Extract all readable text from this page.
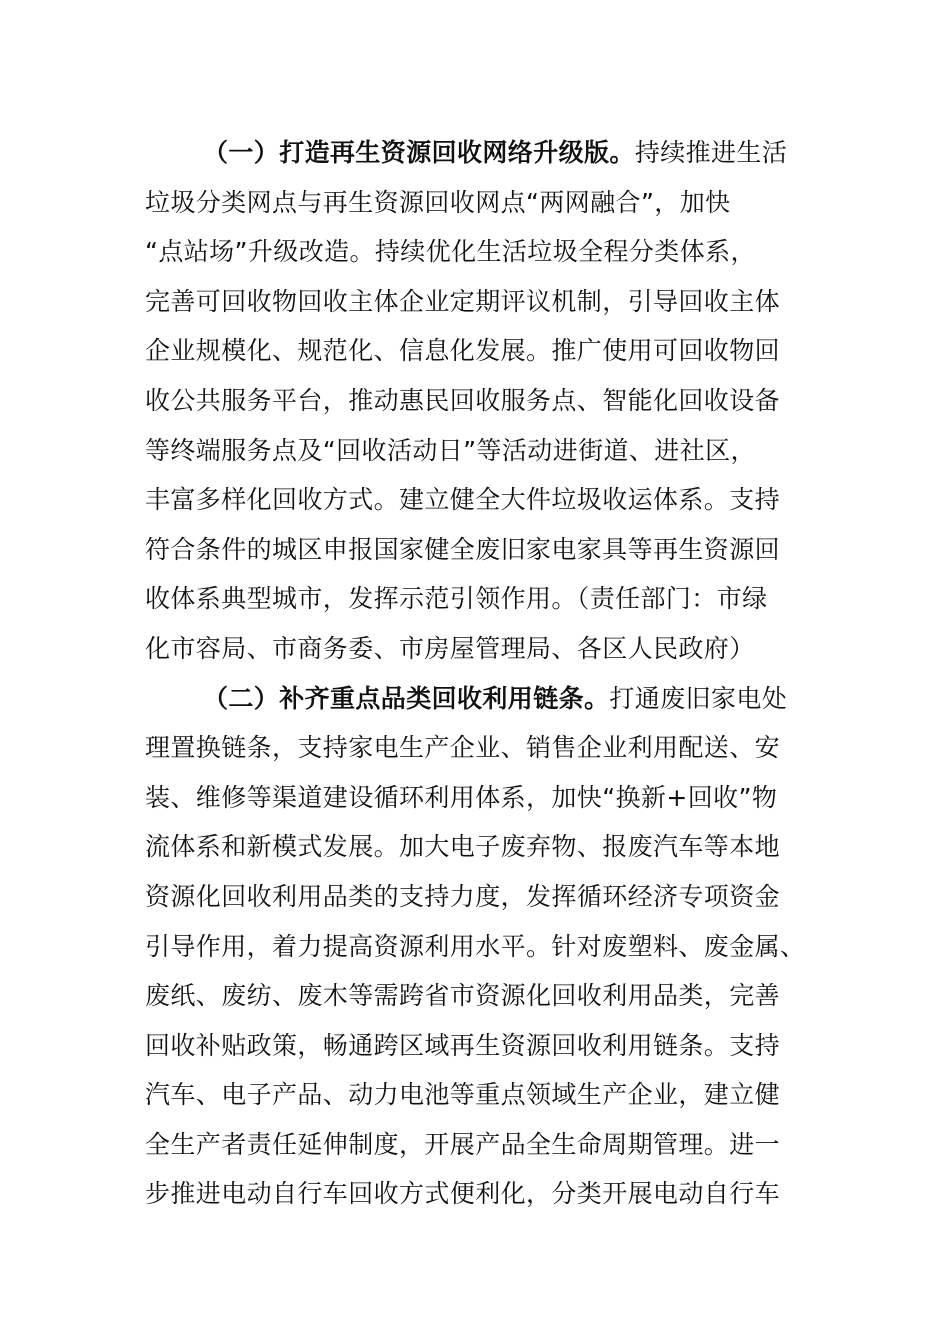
（一）打造再生资源回收网络升级版。持续推进生活
垃圾分类网点与再生资源回收网点“两网融合”，加快
“点站场”升级改造。持续优化生活垃圾全程分类体系，
完善可回收物回收主体企业定期评议机制，引导回收主体
企业规模化、规范化、信息化发展。推广使用可回收物回
收公共服务平台，推动惠民回收服务点、智能化回收设备
等终端服务点及“回收活动日”等活动进街道、进社区，
丰富多样化回收方式。建立健全大件垃圾收运体系。支持
符合条件的城区申报国家健全废旧家电家具等再生资源回
收体系典型城市，发挥示范引领作用。（责任部门：市绿
化市容局、市商务委、市房屋管理局、各区人民政府）
（二）补齐重点品类回收利用链条。打通废旧家电处
理置换链条，支持家电生产企业、销售企业利用配送、安
装、维修等渠道建设循环利用体系，加快“换新+回收”物
流体系和新模式发展。加大电子废弃物、报废汽车等本地
资源化回收利用品类的支持力度，发挥循环经济专项资金
引导作用，着力提高资源利用水平。针对废塑料、废金属、
废纸、废纺、废木等需跨省市资源化回收利用品类，完善
回收补贴政策，畅通跨区域再生资源回收利用链条。支持
汽车、电子产品、动力电池等重点领域生产企业，建立健
全生产者责任延伸制度，开展产品全生命周期管理。进一
步推进电动自行车回收方式便利化，分类开展电动自行车
